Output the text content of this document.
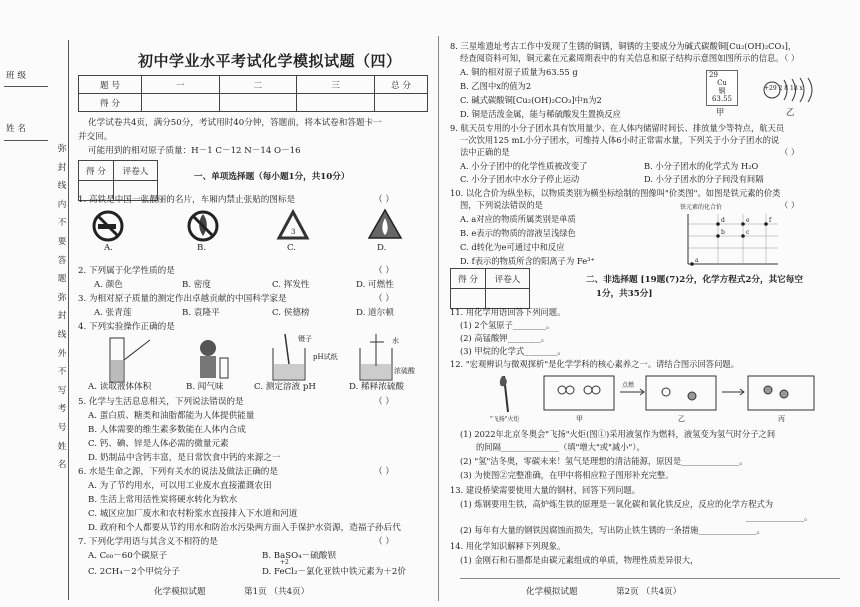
班 级
姓 名
弥
封
线
内
不
要
答
题
弥
封
线
外
不
写
考
号
姓
名
初中学业水平考试化学模拟试题（四）
题 号	一	二	三	总 分
得 分				
化学试卷共4页，满分50分，考试用时40分钟，答题前，将本试卷和答题卡一
并交回。
可能用到的相对原子质量：H－1 C－12 N－14 O－16
得 分	评卷人

一、单项选择题（每小题1分，共10分）
1. 高铁是中国一张靓丽的名片，车厢内禁止张贴的图标是	（ ）
3
A.	B.	C.	D.
2. 下列属于化学性质的是	（ ）
A. 颜色	B. 密度	C. 挥发性	D. 可燃性
3. 为相对原子质量的测定作出卓越贡献的中国科学家是	（ ）
A. 张青莲	B. 袁隆平	C. 侯德榜	D. 道尔顿
4. 下列实验操作正确的是
镊子
pH试纸
水
浓硫酸
A. 读取液体体积	B. 闻气味	C. 测定溶液 pH	D. 稀释浓硫酸
5. 化学与生活息息相关，下列说法错误的是	（ ）
A. 蛋白质、糖类和油脂都能为人体提供能量
B. 人体需要的维生素多数能在人体内合成
C. 钙、碘、锌是人体必需的微量元素
D. 奶制品中含钙丰富，是日常饮食中钙的来源之一
6. 水是生命之源，下列有关水的说法及做法正确的是	（ ）
A. 为了节约用水，可以用工业废水直接灌溉农田
B. 生活上常用活性炭将硬水转化为软水
C. 城区应加厂废水和农村粉浆水直接排入下水道和河道
D. 政府和个人都要从节约用水和防治水污染两方面入手保护水资源，造福子孙后代
7. 下列化学用语与其含义不相符的是	（ ）
A. C₆₀－60个碳原子	B. BaSO₄－硫酸钡
C. 2CH₄－2个甲烷分子
+2
D. FeCl₂－氯化亚铁中铁元素为＋2价
化学模拟试题	第1页 （共4页）
8. 三星堆遗址考古工作中发现了生锈的铜锈，铜锈的主要成分为碱式碳酸铜[Cu₂(OH)₂CO₃]，
经查阅资料可知，铜元素在元素周期表中的有关信息和原子结构示意图如图所示的信息。
（ ）
A. 铜的相对原子质量为63.55 g
B. 乙图中x的值为2
C. 碱式碳酸铜[Cu₂(OH)₂CO₃]中n为2
D. 铜是活泼金属，能与稀硫酸发生置换反应
29
Cu
铜
63.55
+29 2 8 18 x
甲	乙
9. 航天员专用的小分子团水具有饮用量少、在人体内储留时间长、排放量少等特点，航天员
一次饮用125 mL小分子团水，可维持人体6小时正常需水量，下列关于小分子团水的说
法中正确的是	（ ）
A. 小分子团中的化学性质被改变了	B. 小分子团水的化学式为 H₂O
C. 小分子团水中水分子停止运动	D. 小分子团水的分子间没有间隔
10. 以化合价为纵坐标，以物质类别为横坐标绘制的图像叫"价类图"。如图是铁元素的价类
图，下列说法错误的是	（ ）
A. a对应的物质所属类别是单质
B. e表示的物质的溶液呈浅绿色
C. d转化为e可通过中和反应
D. f表示的物质所含的阳离子为 Fe³⁺
铁元素的化合价
f
e
d
c
b
a
得 分	评卷人
		二、非选择题 [19题(7)2分，化学方程式2分，其它每空
1分，共35分]
11. 用化学用语回答下列问题。
(1) 2个氢原子________。
(2) 高锰酸钾________。
(3) 甲烷的化学式________。
12. "宏观辨识与微观探析"是化学学科的核心素养之一。请结合图示回答问题。
点燃
"飞扬"火炬	甲	乙	丙
(1) 2022年北京冬奥会"飞扬"火炬(图①)采用液氢作为燃料，液氢变为氢气时分子之间
的间隔______________（填"增大"或"减小"）。
(2) "氢"洁冬奥，零碳未来！氢气是理想的清洁能源，原因是______________。
(3) 为使图②完整准确，在甲中将相应粒子图形补充完整。
13. 建设桥梁需要使用大量的钢材，回答下列问题。
(1) 炼钢要用生铁，高炉炼生铁的原理是一氧化碳和氧化铁反应，反应的化学方程式为
______________。
(2) 每年有大量的钢铁因腐蚀而损失，写出防止铁生锈的一条措施______________。
14. 用化学知识解释下列现象。
(1) 金刚石和石墨都是由碳元素组成的单质，物理性质差异很大，
化学模拟试题	第2页 （共4页）
